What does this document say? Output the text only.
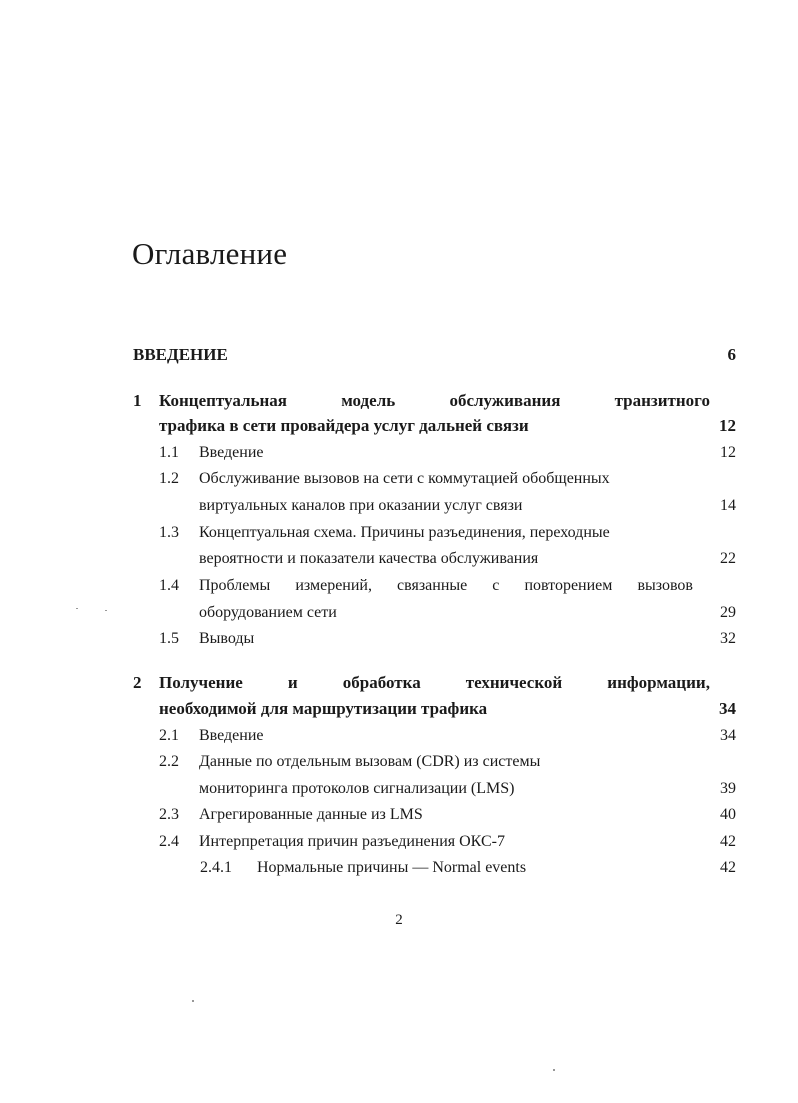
Оглавление
ВВЕДЕНИЕ	6
1 Концептуальная	модель	обслуживания	транзитного
трафика в сети провайдера услуг дальней связи	12
1.1 Введение	12
1.2 Обслуживание вызовов на сети с коммутацией обобщенных
виртуальных каналов при оказании услуг связи	14
1.3 Концептуальная схема. Причины разъединения, переходные
вероятности и показатели качества обслуживания	22
1.4 Проблемы измерений, связанные с повторением вызовов
оборудованием сети	29
1.5 Выводы	32
2 Получение	и	обработка	технической	информации,
необходимой для маршрутизации трафика	34
2.1 Введение	34
2.2 Данные по отдельным вызовам (CDR) из системы
мониторинга протоколов сигнализации (LMS)	39
2.3 Агрегированные данные из LMS	40
2.4 Интерпретация причин разъединения ОКС-7	42
2.4.1 Нормальные причины — Normal events	42
2
